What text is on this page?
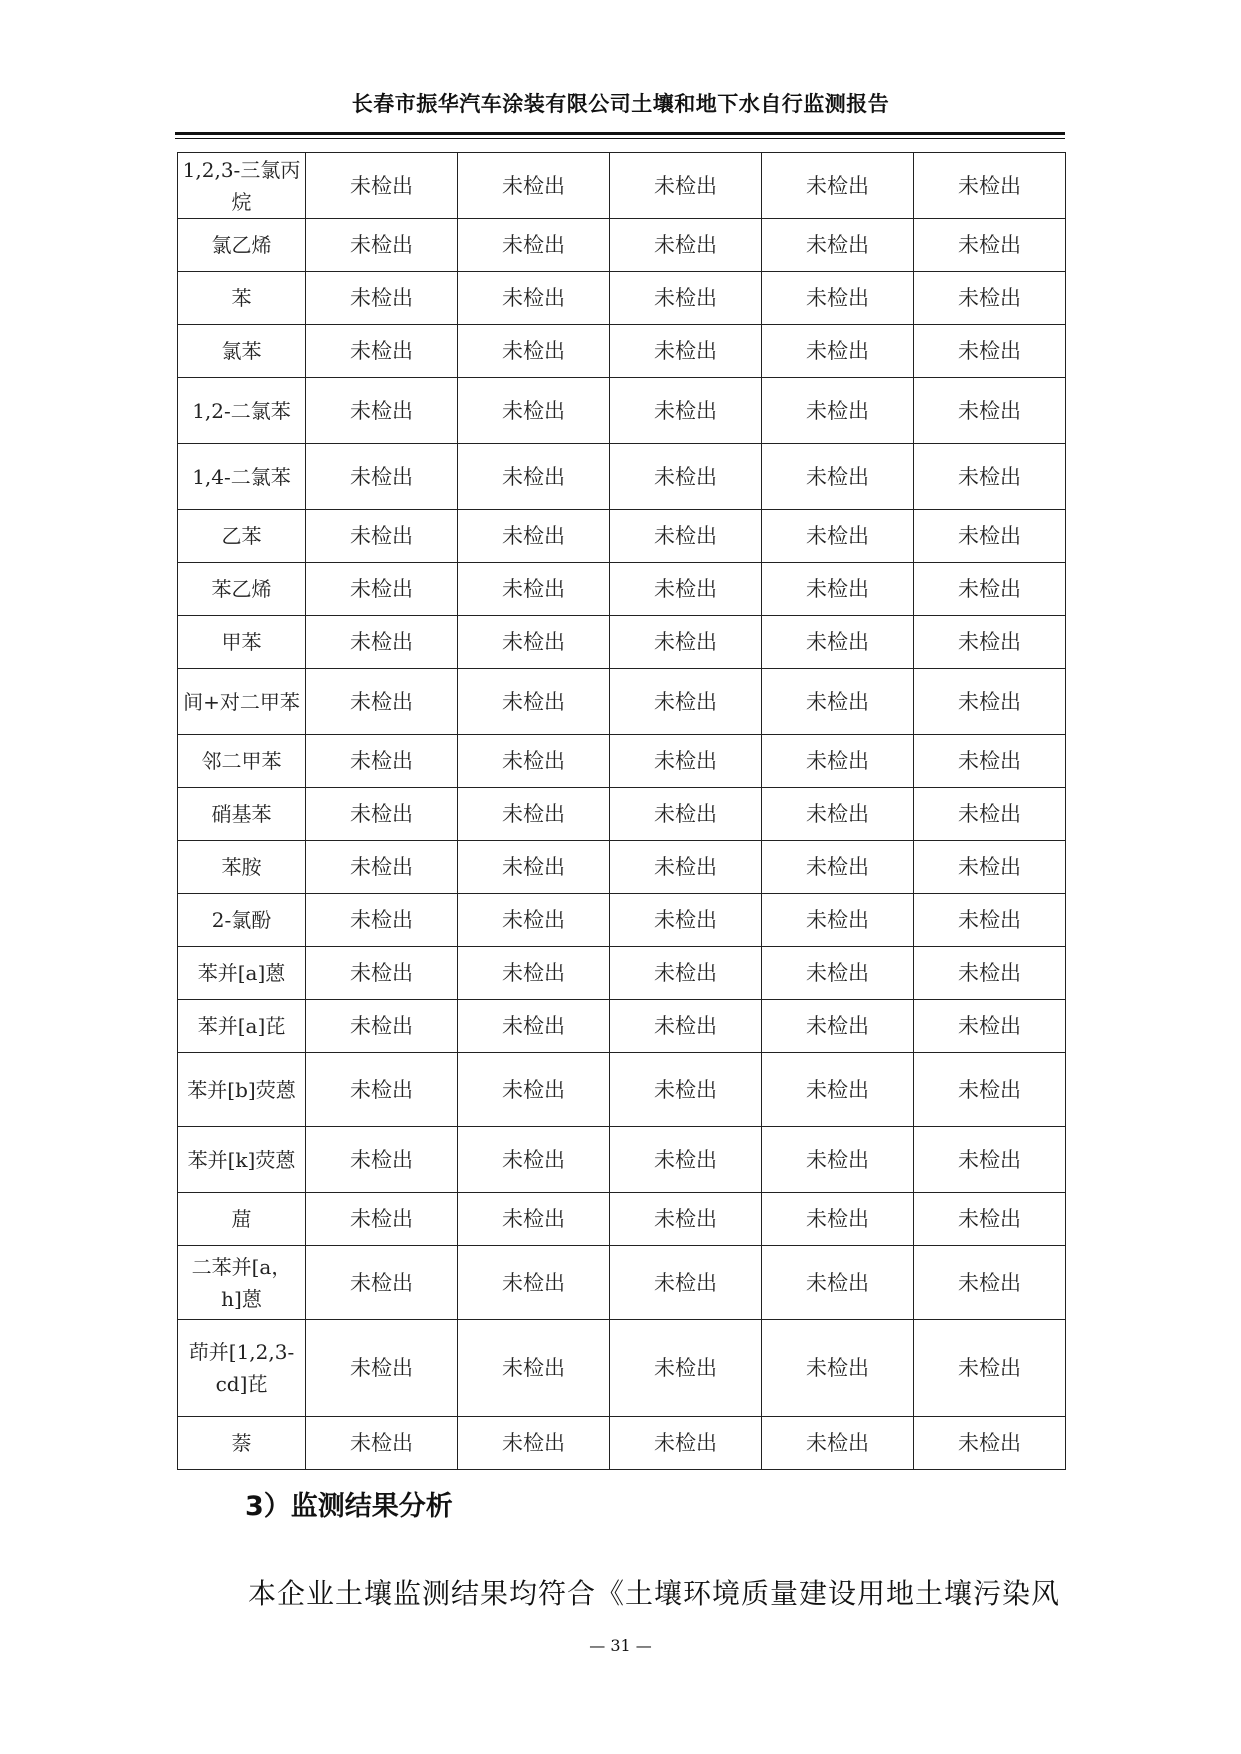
长春市振华汽车涂装有限公司土壤和地下水自行监测报告
1,2,3-三氯丙烷	未检出	未检出	未检出	未检出	未检出
氯乙烯	未检出	未检出	未检出	未检出	未检出
苯	未检出	未检出	未检出	未检出	未检出
氯苯	未检出	未检出	未检出	未检出	未检出
1,2-二氯苯	未检出	未检出	未检出	未检出	未检出
1,4-二氯苯	未检出	未检出	未检出	未检出	未检出
乙苯	未检出	未检出	未检出	未检出	未检出
苯乙烯	未检出	未检出	未检出	未检出	未检出
甲苯	未检出	未检出	未检出	未检出	未检出
间+对二甲苯	未检出	未检出	未检出	未检出	未检出
邻二甲苯	未检出	未检出	未检出	未检出	未检出
硝基苯	未检出	未检出	未检出	未检出	未检出
苯胺	未检出	未检出	未检出	未检出	未检出
2-氯酚	未检出	未检出	未检出	未检出	未检出
苯并[a]蒽	未检出	未检出	未检出	未检出	未检出
苯并[a]芘	未检出	未检出	未检出	未检出	未检出
苯并[b]荧蒽	未检出	未检出	未检出	未检出	未检出
苯并[k]荧蒽	未检出	未检出	未检出	未检出	未检出
䓛	未检出	未检出	未检出	未检出	未检出
二苯并[a，h]蒽	未检出	未检出	未检出	未检出	未检出
茚并[1,2,3-cd]芘	未检出	未检出	未检出	未检出	未检出
萘	未检出	未检出	未检出	未检出	未检出
3）监测结果分析
本企业土壤监测结果均符合《土壤环境质量建设用地土壤污染风
— 31 —
